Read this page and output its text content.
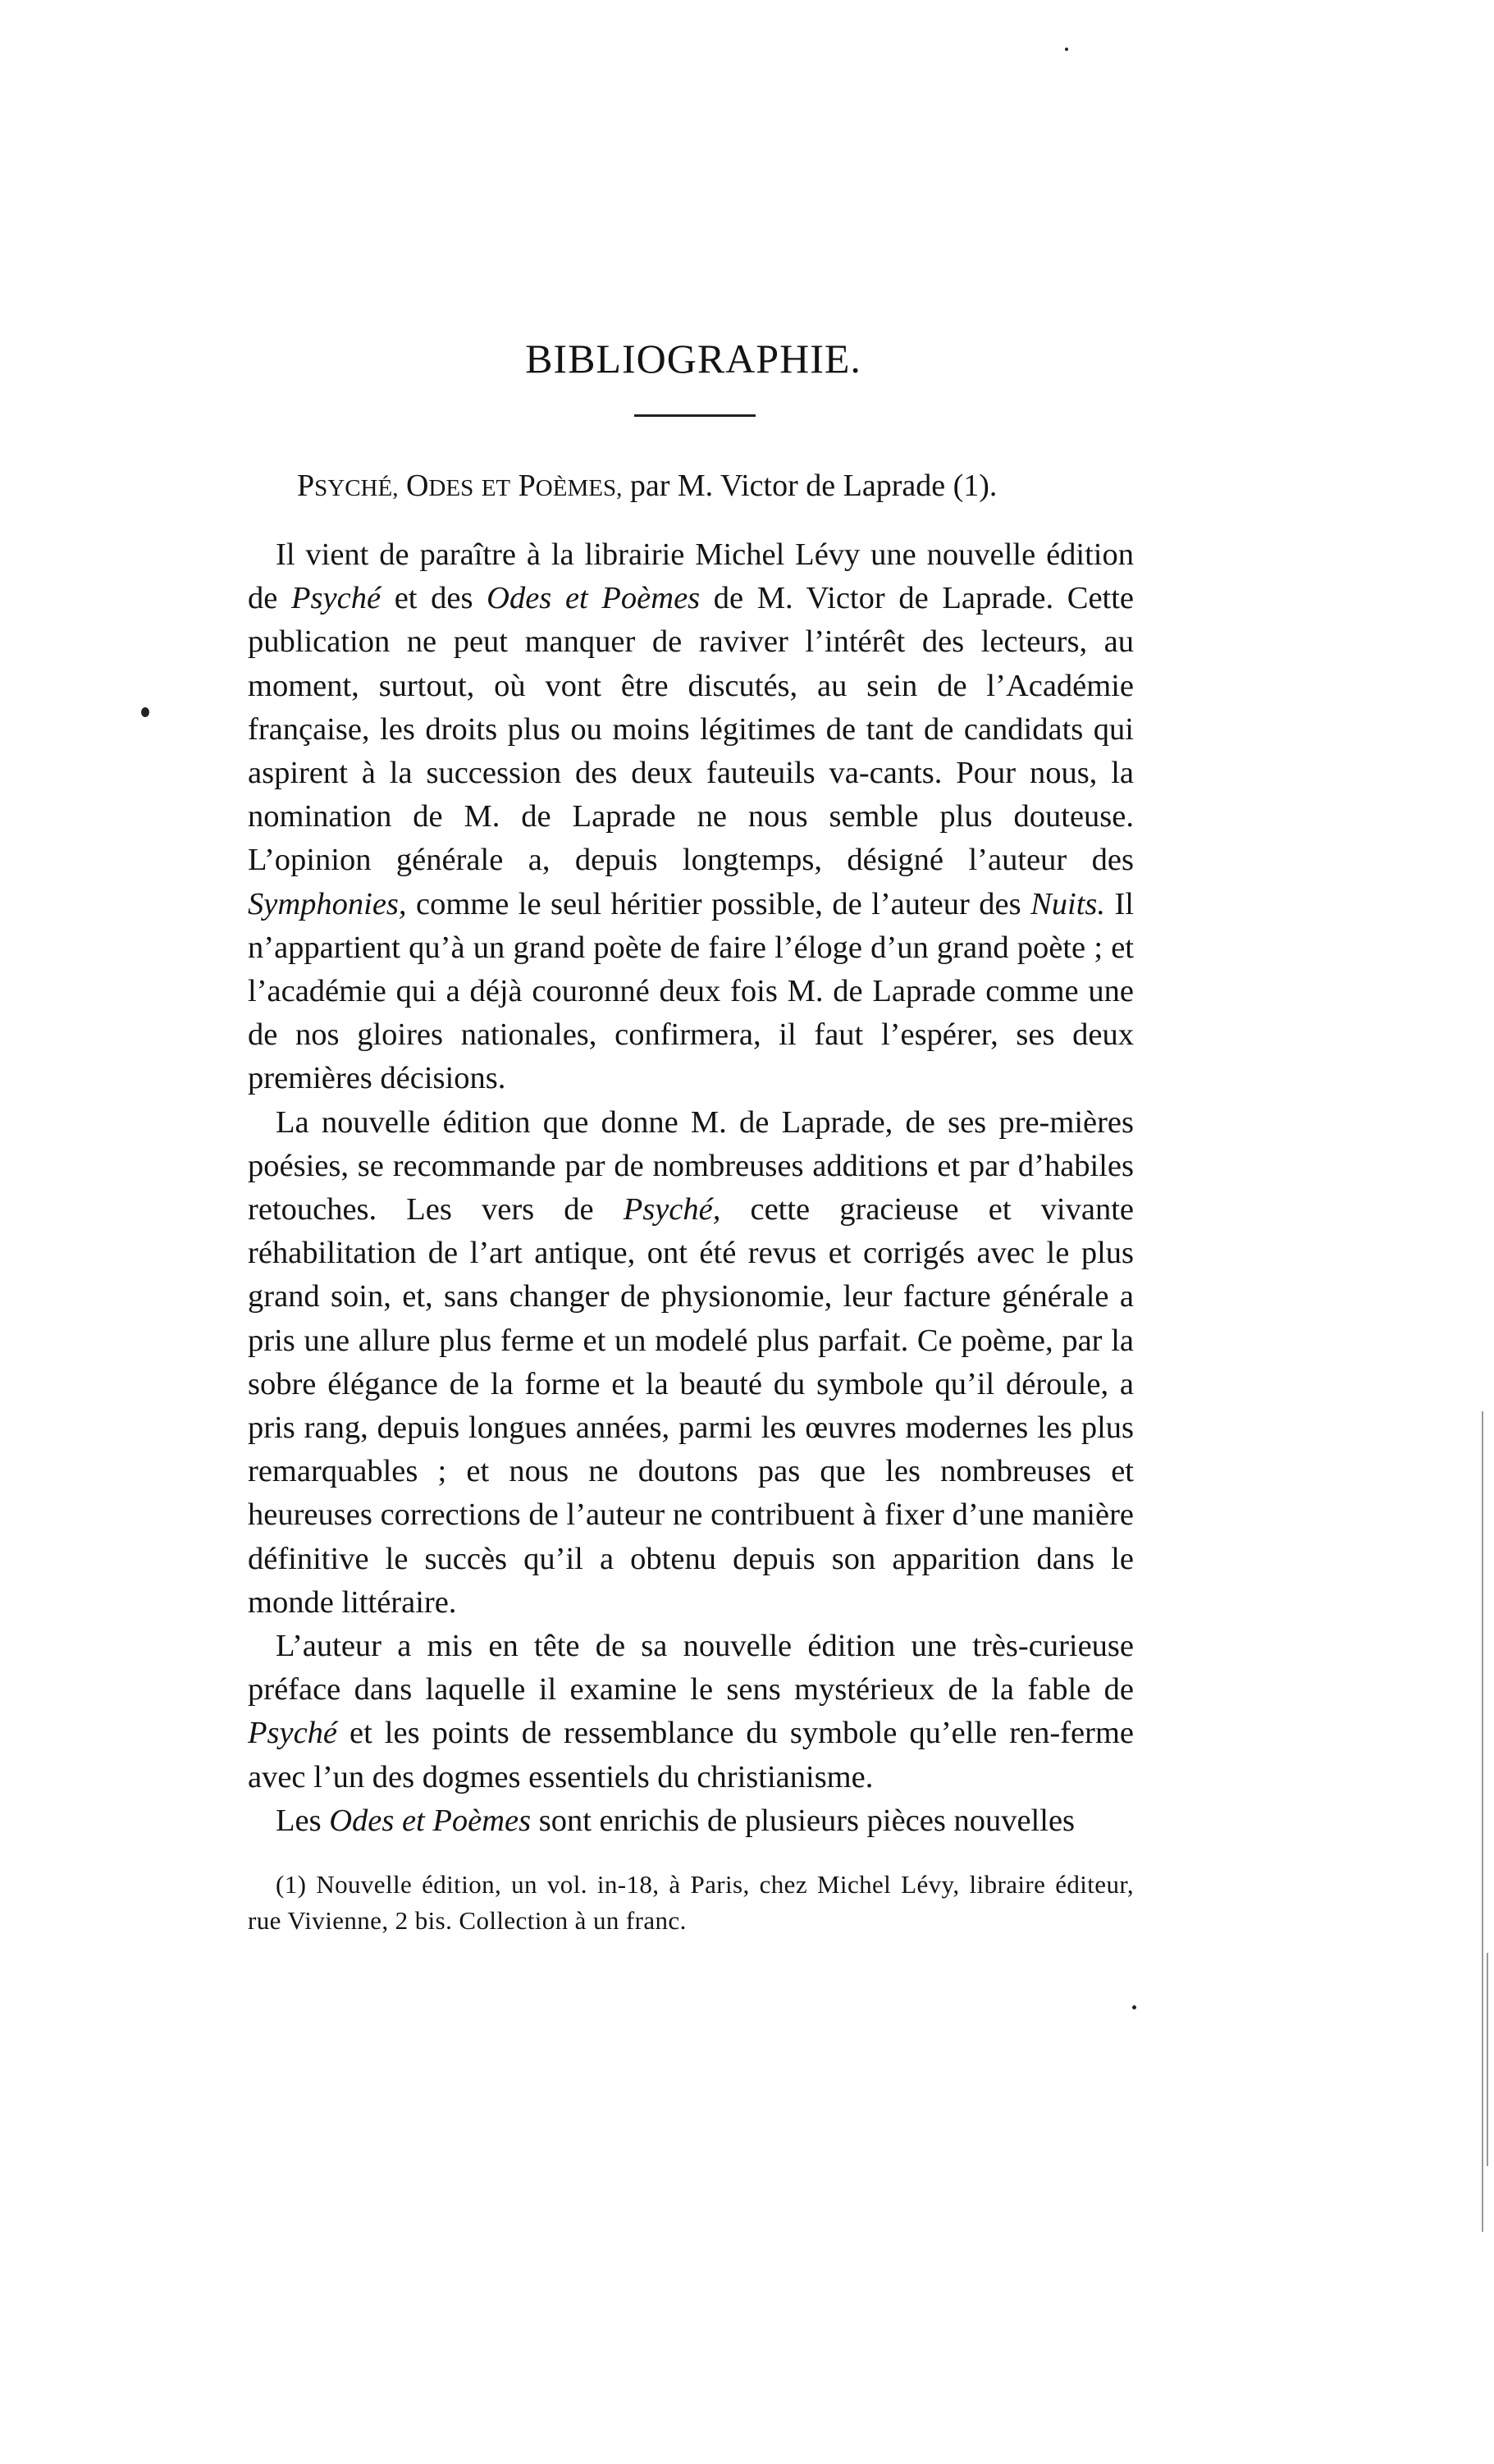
BIBLIOGRAPHIE.
PSYCHÉ, ODES ET POÈMES, par M. Victor de Laprade (1).

Il vient de paraître à la librairie Michel Lévy une nouvelle édition de Psyché et des Odes et Poèmes de M. Victor de Laprade. Cette publication ne peut manquer de raviver l’intérêt des lecteurs, au moment, surtout, où vont être discutés, au sein de l’Académie française, les droits plus ou moins légitimes de tant de candidats qui aspirent à la succession des deux fauteuils va-cants. Pour nous, la nomination de M. de Laprade ne nous semble plus douteuse. L’opinion générale a, depuis longtemps, désigné l’auteur des Symphonies, comme le seul héritier possible, de l’auteur des Nuits. Il n’appartient qu’à un grand poète de faire l’éloge d’un grand poète ; et l’académie qui a déjà couronné deux fois M. de Laprade comme une de nos gloires nationales, confirmera, il faut l’espérer, ses deux premières décisions.

La nouvelle édition que donne M. de Laprade, de ses pre-mières poésies, se recommande par de nombreuses additions et par d’habiles retouches. Les vers de Psyché, cette gracieuse et vivante réhabilitation de l’art antique, ont été revus et corrigés avec le plus grand soin, et, sans changer de physionomie, leur facture générale a pris une allure plus ferme et un modelé plus parfait. Ce poème, par la sobre élégance de la forme et la beauté du symbole qu’il déroule, a pris rang, depuis longues années, parmi les œuvres modernes les plus remarquables ; et nous ne doutons pas que les nombreuses et heureuses corrections de l’auteur ne contribuent à fixer d’une manière définitive le succès qu’il a obtenu depuis son apparition dans le monde littéraire.

L’auteur a mis en tête de sa nouvelle édition une très-curieuse préface dans laquelle il examine le sens mystérieux de la fable de Psyché et les points de ressemblance du symbole qu’elle ren-ferme avec l’un des dogmes essentiels du christianisme.

Les Odes et Poèmes sont enrichis de plusieurs pièces nouvelles

(1) Nouvelle édition, un vol. in-18, à Paris, chez Michel Lévy, libraire éditeur, rue Vivienne, 2 bis. Collection à un franc.
